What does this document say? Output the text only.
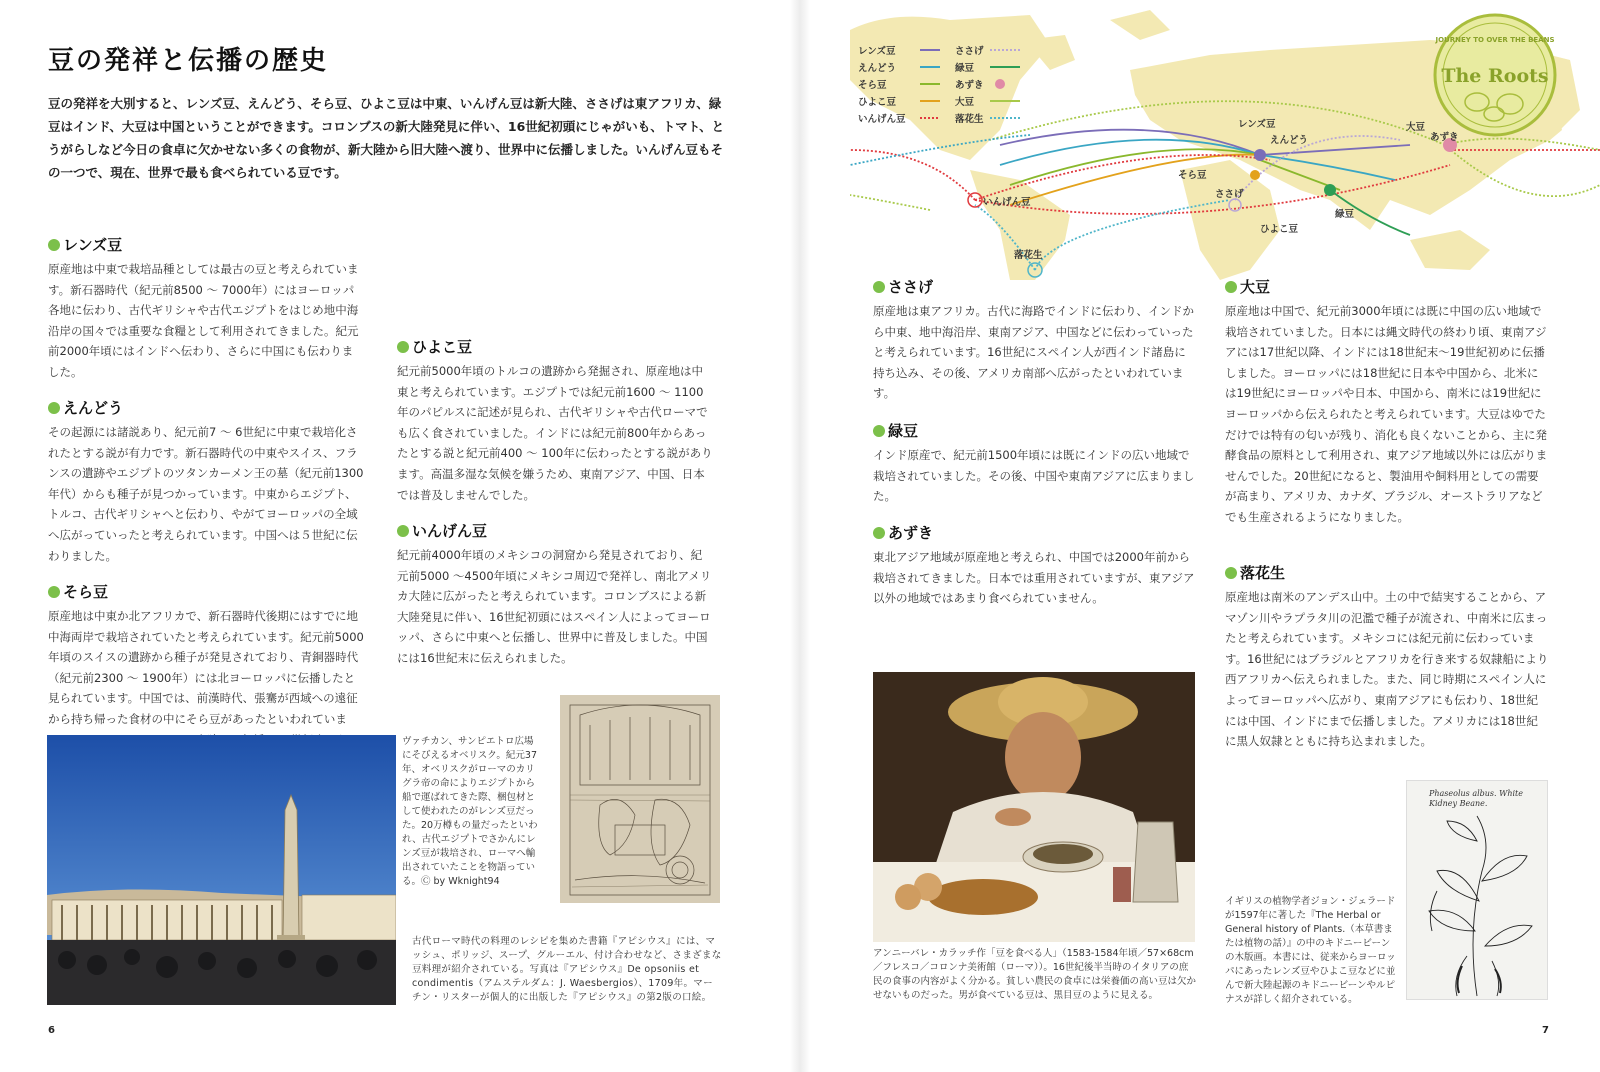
豆の発祥と伝播の歴史
豆の発祥を大別すると、レンズ豆、えんどう、そら豆、ひよこ豆は中東、いんげん豆は新大陸、ささげは東アフリカ、緑豆はインド、大豆は中国ということができます。コロンブスの新大陸発見に伴い、16世紀初頭にじゃがいも、トマト、とうがらしなど今日の食卓に欠かせない多くの食物が、新大陸から旧大陸へ渡り、世界中に伝播しました。いんげん豆もその一つで、現在、世界で最も食べられている豆です。
レンズ豆

原産地は中東で栽培品種としては最古の豆と考えられています。新石器時代（紀元前8500 ～ 7000年）にはヨーロッパ各地に伝わり、古代ギリシャや古代エジプトをはじめ地中海沿岸の国々では重要な食糧として利用されてきました。紀元前2000年頃にはインドへ伝わり、さらに中国にも伝わりました。

えんどう

その起源には諸説あり、紀元前7 ～ 6世紀に中東で栽培化されたとする説が有力です。新石器時代の中東やスイス、フランスの遺跡やエジプトのツタンカーメン王の墓（紀元前1300年代）からも種子が見つかっています。中東からエジプト、トルコ、古代ギリシャへと伝わり、やがてヨーロッパの全域へ広がっていったと考えられています。中国へは５世紀に伝わりました。

そら豆

原産地は中東か北アフリカで、新石器時代後期にはすでに地中海両岸で栽培されていたと考えられています。紀元前5000年頃のスイスの遺跡から種子が発見されており、青銅器時代（紀元前2300 ～ 1900年）には北ヨーロッパに伝播したと見られています。中国では、前漢時代、張騫が西域への遠征から持ち帰った食材の中にそら豆があったといわれていま

ひよこ豆

紀元前5000年頃のトルコの遺跡から発掘され、原産地は中東と考えられています。エジプトでは紀元前1600 ～ 1100年のパピルスに記述が見られ、古代ギリシャや古代ローマでも広く食されていました。インドには紀元前800年からあったとする説と紀元前400 ～ 100年に伝わったとする説があります。高温多湿な気候を嫌うため、東南アジア、中国、日本では普及しませんでした。

いんげん豆

紀元前4000年頃のメキシコの洞窟から発見されており、紀元前5000 ～4500年頃にメキシコ周辺で発祥し、南北アメリカ大陸に広がったと考えられています。コロンブスによる新大陸発見に伴い、16世紀初頭にはスペイン人によってヨーロッパ、さらに中東へと伝播し、世界中に普及しました。中国には16世紀末に伝えられました。

ヴァチカン、サンピエトロ広場にそびえるオベリスク。紀元37年、オベリスクがローマのカリグラ帝の命によりエジプトから船で運ばれてきた際、梱包材として使われたのがレンズ豆だった。20万樽もの量だったといわれ、古代エジプトでさかんにレンズ豆が栽培され、ローマへ輸出されていたことを物語っている。Ⓒ by Wknight94
古代ローマ時代の料理のレシピを集めた書籍『アピシウス』には、マッシュ、ポリッジ、スープ、グルーエル、付け合わせなど、さまざまな豆料理が紹介されている。写真は『アピシウス』De opsoniis et condimentis（アムステルダム：J. Waesbergios）、1709年。マーチン・リスターが個人的に出版した『アピシウス』の第2版の口絵。
6
レンズ豆
えんどう
そら豆
ひよこ豆
いんげん豆
ささげ
緑豆
あずき
大豆
落花生	レンズ豆
えんどう
そら豆
ささげ
ひよこ豆
緑豆
大豆
あずき
いんげん豆
落花生
JOURNEY TO OVER THE BEANS
The Roots
ささげ

原産地は東アフリカ。古代に海路でインドに伝わり、インドから中東、地中海沿岸、東南アジア、中国などに伝わっていったと考えられています。16世紀にスペイン人が西インド諸島に持ち込み、その後、アメリカ南部へ広がったといわれています。

緑豆

インド原産で、紀元前1500年頃には既にインドの広い地域で栽培されていました。その後、中国や東南アジアに広まりました。

あずき

東北アジア地域が原産地と考えられ、中国では2000年前から栽培されてきました。日本では重用されていますが、東アジア以外の地域ではあまり食べられていません。

大豆

原産地は中国で、紀元前3000年頃には既に中国の広い地域で栽培されていました。日本には縄文時代の終わり頃、東南アジアには17世紀以降、インドには18世紀末～19世紀初めに伝播しました。ヨーロッパには18世紀に日本や中国から、北米には19世紀にヨーロッパや日本、中国から、南米には19世紀にヨーロッパから伝えられたと考えられています。大豆はゆでただけでは特有の匂いが残り、消化も良くないことから、主に発酵食品の原料として利用され、東アジア地域以外には広がりませんでした。20世紀になると、製油用や飼料用としての需要が高まり、アメリカ、カナダ、ブラジル、オーストラリアなどでも生産されるようになりました。

落花生

原産地は南米のアンデス山中。土の中で結実することから、アマゾン川やラプラタ川の氾濫で種子が流され、中南米に広まったと考えられています。メキシコには紀元前に伝わっています。16世紀にはブラジルとアフリカを行き来する奴隷船により西アフリカへ伝えられました。また、同じ時期にスペイン人によってヨーロッパへ広がり、東南アジアにも伝わり、18世紀には中国、インドにまで伝播しました。アメリカには18世紀に黒人奴隷とともに持ち込まれました。

アンニーバレ・カラッチ作「豆を食べる人」（1583-1584年頃／57×68cm／フレスコ／コロンナ美術館（ローマ））。16世紀後半当時のイタリアの庶民の食事の内容がよく分かる。貧しい農民の食卓には栄養価の高い豆は欠かせないものだった。男が食べている豆は、黒目豆のように見える。
Phaseolus albus. White Kidney Beane.
イギリスの植物学者ジョン・ジェラードが1597年に著した『The Herbal or General history of Plants.（本草書または植物の話）』の中のキドニービーンの木版画。本書には、従来からヨーロッパにあったレンズ豆やひよこ豆などに並んで新大陸起源のキドニービーンやルピナスが詳しく紹介されている。
7
